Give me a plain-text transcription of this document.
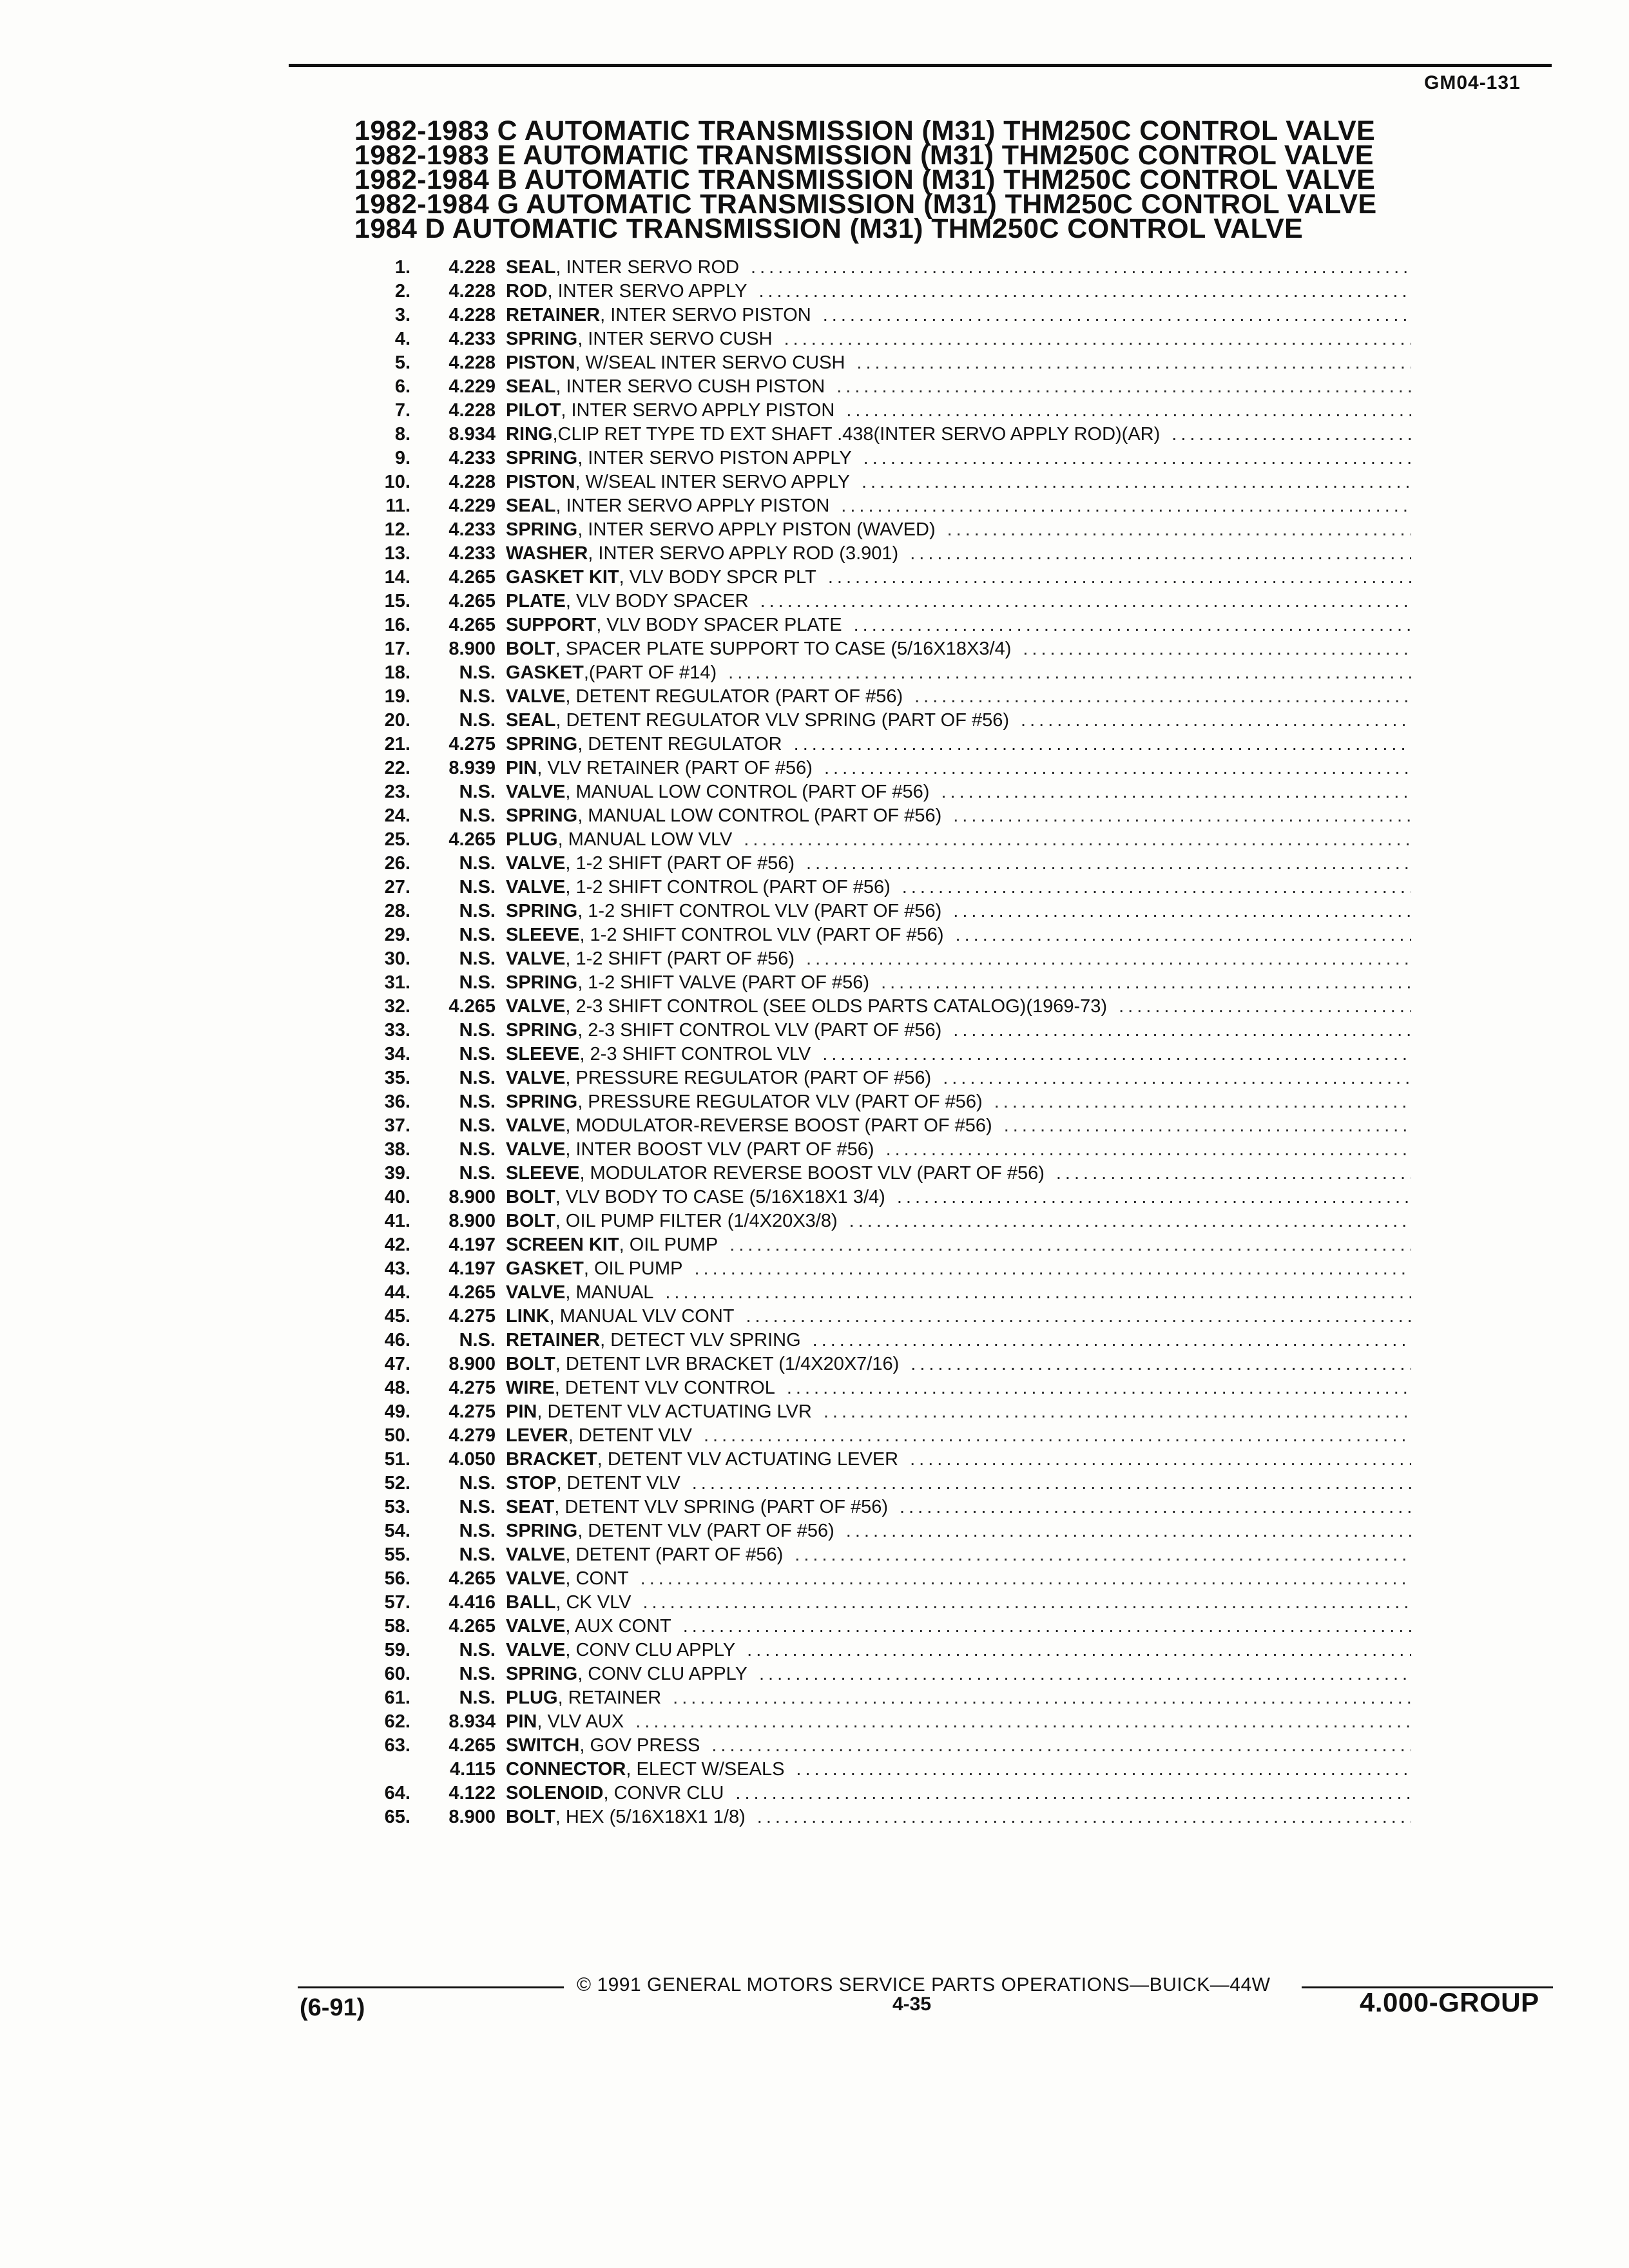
GM04-131
1982-1983 C AUTOMATIC TRANSMISSION (M31) THM250C CONTROL VALVE
1982-1983 E AUTOMATIC TRANSMISSION (M31) THM250C CONTROL VALVE
1982-1984 B AUTOMATIC TRANSMISSION (M31) THM250C CONTROL VALVE
1982-1984 G AUTOMATIC TRANSMISSION (M31) THM250C CONTROL VALVE
1984 D AUTOMATIC TRANSMISSION (M31) THM250C CONTROL VALVE
1.	4.228 SEAL , INTER SERVO ROD
.....
2.	4.228 ROD , INTER SERVO APPLY
.....
3.	4.228 RETAINER , INTER SERVO PISTON
.....
4.	4.233 SPRING , INTER SERVO CUSH
.....
5.	4.228 PISTON , W/SEAL INTER SERVO CUSH
.....
6.	4.229 SEAL , INTER SERVO CUSH PISTON
.....
7.	4.228 PILOT , INTER SERVO APPLY PISTON
.....
8.	8.934 RING ,CLIP RET TYPE TD EXT SHAFT .438(INTER SERVO APPLY ROD)(AR)
.....
9.	4.233 SPRING , INTER SERVO PISTON APPLY
.....
10.	4.228 PISTON , W/SEAL INTER SERVO APPLY
.....
11.	4.229 SEAL , INTER SERVO APPLY PISTON
.....
12.	4.233 SPRING , INTER SERVO APPLY PISTON (WAVED)
.....
13.	4.233 WASHER , INTER SERVO APPLY ROD (3.901)
.....
14.	4.265 GASKET KIT , VLV BODY SPCR PLT
.....
15.	4.265 PLATE , VLV BODY SPACER
.....
16.	4.265 SUPPORT , VLV BODY SPACER PLATE
.....
17.	8.900 BOLT , SPACER PLATE SUPPORT TO CASE (5/16X18X3/4)
.....
18.	N.S. GASKET ,(PART OF #14)
.....
19.	N.S. VALVE , DETENT REGULATOR (PART OF #56)
.....
20.	N.S. SEAL , DETENT REGULATOR VLV SPRING (PART OF #56)
.....
21.	4.275 SPRING , DETENT REGULATOR
.....
22.	8.939 PIN , VLV RETAINER (PART OF #56)
.....
23.	N.S. VALVE , MANUAL LOW CONTROL (PART OF #56)
.....
24.	N.S. SPRING , MANUAL LOW CONTROL (PART OF #56)
.....
25.	4.265 PLUG , MANUAL LOW VLV
.....
26.	N.S. VALVE , 1-2 SHIFT (PART OF #56)
.....
27.	N.S. VALVE , 1-2 SHIFT CONTROL (PART OF #56)
.....
28.	N.S. SPRING , 1-2 SHIFT CONTROL VLV (PART OF #56)
.....
29.	N.S. SLEEVE , 1-2 SHIFT CONTROL VLV (PART OF #56)
.....
30.	N.S. VALVE , 1-2 SHIFT (PART OF #56)
.....
31.	N.S. SPRING , 1-2 SHIFT VALVE (PART OF #56)
.....
32.	4.265 VALVE , 2-3 SHIFT CONTROL (SEE OLDS PARTS CATALOG)(1969-73)
.....
33.	N.S. SPRING , 2-3 SHIFT CONTROL VLV (PART OF #56)
.....
34.	N.S. SLEEVE , 2-3 SHIFT CONTROL VLV
.....
35.	N.S. VALVE , PRESSURE REGULATOR (PART OF #56)
.....
36.	N.S. SPRING , PRESSURE REGULATOR VLV (PART OF #56)
.....
37.	N.S. VALVE , MODULATOR-REVERSE BOOST (PART OF #56)
.....
38.	N.S. VALVE , INTER BOOST VLV (PART OF #56)
.....
39.	N.S. SLEEVE , MODULATOR REVERSE BOOST VLV (PART OF #56)
.....
40.	8.900 BOLT , VLV BODY TO CASE (5/16X18X1 3/4)
.....
41.	8.900 BOLT , OIL PUMP FILTER (1/4X20X3/8)
.....
42.	4.197 SCREEN KIT , OIL PUMP
.....
43.	4.197 GASKET , OIL PUMP
.....
44.	4.265 VALVE , MANUAL
.....
45.	4.275 LINK , MANUAL VLV CONT
.....
46.	N.S. RETAINER , DETECT VLV SPRING
.....
47.	8.900 BOLT , DETENT LVR BRACKET (1/4X20X7/16)
.....
48.	4.275 WIRE , DETENT VLV CONTROL
.....
49.	4.275 PIN , DETENT VLV ACTUATING LVR
.....
50.	4.279 LEVER , DETENT VLV
.....
51.	4.050 BRACKET , DETENT VLV ACTUATING LEVER
.....
52.	N.S. STOP , DETENT VLV
.....
53.	N.S. SEAT , DETENT VLV SPRING (PART OF #56)
.....
54.	N.S. SPRING , DETENT VLV (PART OF #56)
.....
55.	N.S. VALVE , DETENT (PART OF #56)
.....
56.	4.265 VALVE , CONT
.....
57.	4.416 BALL , CK VLV
.....
58.	4.265 VALVE , AUX CONT
.....
59.	N.S. VALVE , CONV CLU APPLY
.....
60.	N.S. SPRING , CONV CLU APPLY
.....
61.	N.S. PLUG , RETAINER
.....
62.	8.934 PIN , VLV AUX
.....
63.	4.265 SWITCH , GOV PRESS
.....
4.115 CONNECTOR , ELECT W/SEALS
.....
64.	4.122 SOLENOID , CONVR CLU
.....
65.	8.900 BOLT , HEX (5/16X18X1 1/8)
.....
© 1991 GENERAL MOTORS SERVICE PARTS OPERATIONS—BUICK—44W
(6-91)	4-35	4.000-GROUP
